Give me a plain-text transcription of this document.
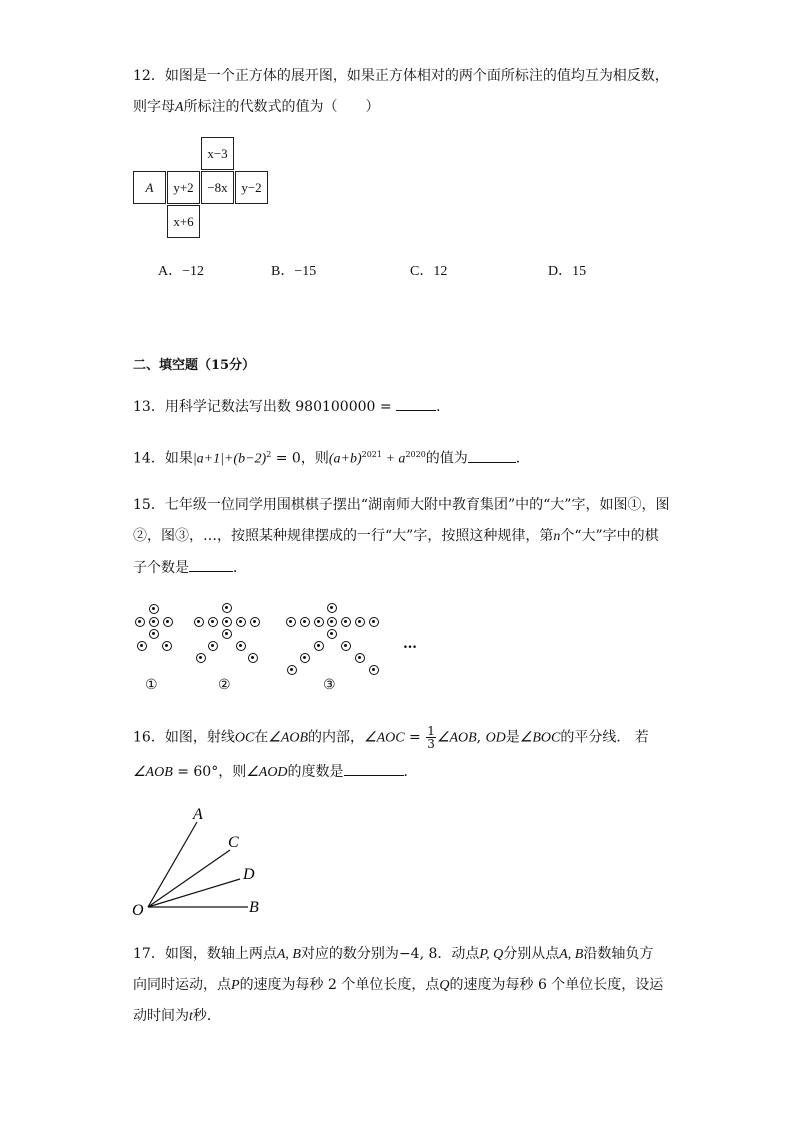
12．如图是一个正方体的展开图，如果正方体相对的两个面所标注的值均互为相反数，
则字母A所标注的代数式的值为（　　）
x−3
A	y+2	−8x	y−2
x+6
A．−12	B．−15	C．12	D．15
二、填空题（15分）
13．用科学记数法写出数 980100000 =	．
14．如果$|a+1|+(b-2)^2 = 0$，则$(a+b)^{2021} + a^{2020}$的值为	．
15．七年级一位同学用围棋棋子摆出“湖南师大附中教育集团”中的“大”字，如图①，图
②，图③，…，按照某种规律摆成的一行“大”字，按照这种规律，第n个“大”字中的棋
子个数是	．
…
①	②	③
16．如图，射线OC在∠AOB的内部，∠AOC = $\frac{1}{3}$ ∠AOB, OD是∠BOC的平分线． 若
∠AOB = 60°，则∠AOD的度数是	．
A
C
D
B
O
17．如图，数轴上两点A, B对应的数分别为−4, 8．动点P, Q分别从点A, B沿数轴负方
向同时运动，点P的速度为每秒 2 个单位长度，点Q的速度为每秒 6 个单位长度，设运
动时间为t秒．
